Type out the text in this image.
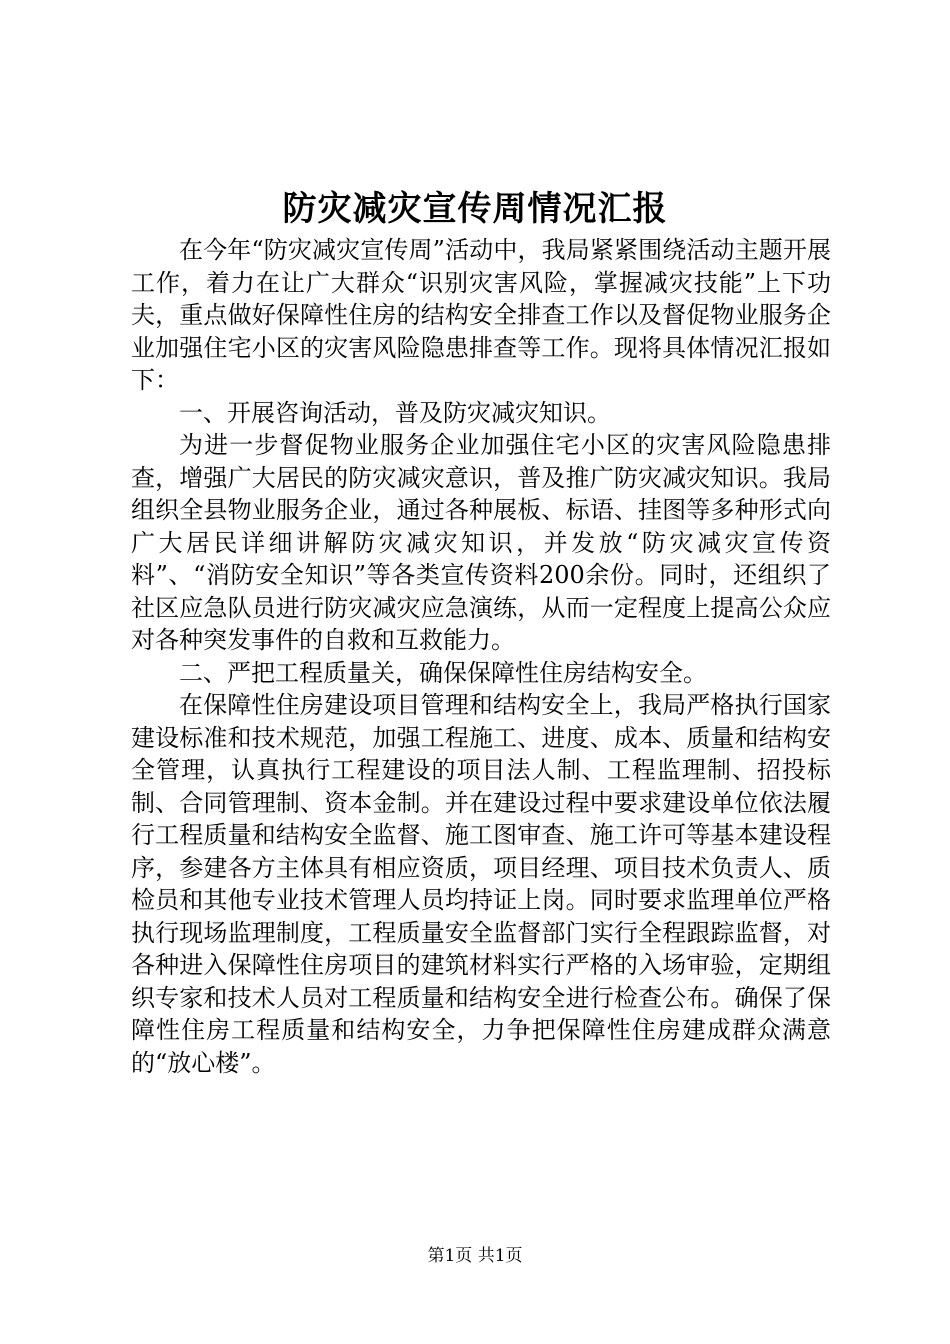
防灾减灾宣传周情况汇报

在今年“防灾减灾宣传周”活动中，我局紧紧围绕活动主题开展工作，着力在让广大群众“识别灾害风险，掌握减灾技能”上下功夫，重点做好保障性住房的结构安全排查工作以及督促物业服务企业加强住宅小区的灾害风险隐患排查等工作。现将具体情况汇报如下：

一、开展咨询活动，普及防灾减灾知识。

为进一步督促物业服务企业加强住宅小区的灾害风险隐患排查，增强广大居民的防灾减灾意识，普及推广防灾减灾知识。我局组织全县物业服务企业，通过各种展板、标语、挂图等多种形式向广大居民详细讲解防灾减灾知识，并发放“防灾减灾宣传资料”、“消防安全知识”等各类宣传资料200余份。同时，还组织了社区应急队员进行防灾减灾应急演练，从而一定程度上提高公众应对各种突发事件的自救和互救能力。

二、严把工程质量关，确保保障性住房结构安全。

在保障性住房建设项目管理和结构安全上，我局严格执行国家建设标准和技术规范，加强工程施工、进度、成本、质量和结构安全管理，认真执行工程建设的项目法人制、工程监理制、招投标制、合同管理制、资本金制。并在建设过程中要求建设单位依法履行工程质量和结构安全监督、施工图审查、施工许可等基本建设程序，参建各方主体具有相应资质，项目经理、项目技术负责人、质检员和其他专业技术管理人员均持证上岗。同时要求监理单位严格执行现场监理制度，工程质量安全监督部门实行全程跟踪监督，对各种进入保障性住房项目的建筑材料实行严格的入场审验，定期组织专家和技术人员对工程质量和结构安全进行检查公布。确保了保障性住房工程质量和结构安全，力争把保障性住房建成群众满意的“放心楼”。

第1页 共1页
